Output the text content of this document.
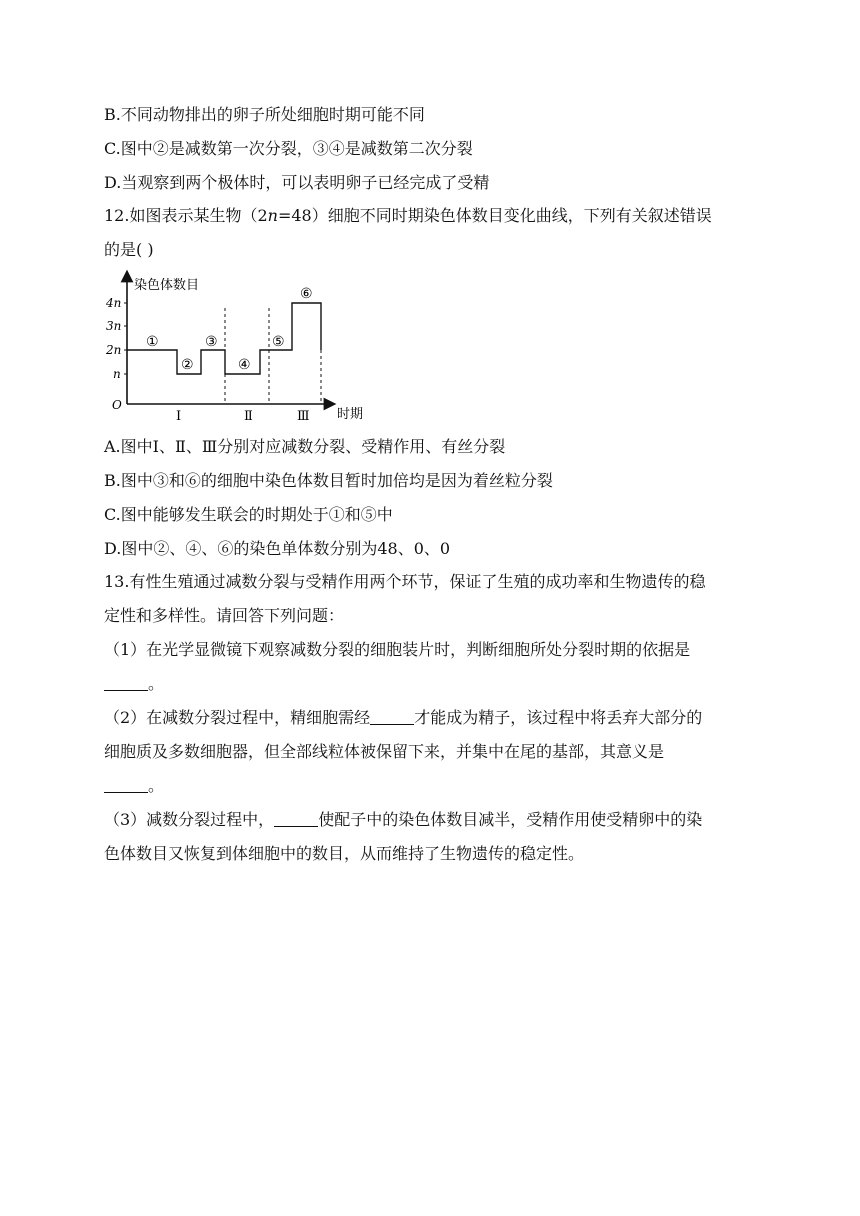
B.不同动物排出的卵子所处细胞时期可能不同
C.图中②是减数第一次分裂，③④是减数第二次分裂
D.当观察到两个极体时，可以表明卵子已经完成了受精
12.如图表示某生物（2n=48）细胞不同时期染色体数目变化曲线，下列有关叙述错误
的是( )
染色体数目
时期
O
4n
3n
2n
n
①
②
③
④
⑤
⑥
Ⅰ	Ⅱ	Ⅲ
A.图中Ⅰ、Ⅱ、Ⅲ分别对应减数分裂、受精作用、有丝分裂
B.图中③和⑥的细胞中染色体数目暂时加倍均是因为着丝粒分裂
C.图中能够发生联会的时期处于①和⑤中
D.图中②、④、⑥的染色单体数分别为48、0、0
13.有性生殖通过减数分裂与受精作用两个环节，保证了生殖的成功率和生物遗传的稳
定性和多样性。请回答下列问题：
（1）在光学显微镜下观察减数分裂的细胞装片时，判断细胞所处分裂时期的依据是
。
（2）在减数分裂过程中，精细胞需经	才能成为精子，该过程中将丢弃大部分的
细胞质及多数细胞器，但全部线粒体被保留下来，并集中在尾的基部，其意义是
。
（3）减数分裂过程中，	使配子中的染色体数目减半，受精作用使受精卵中的染
色体数目又恢复到体细胞中的数目，从而维持了生物遗传的稳定性。
